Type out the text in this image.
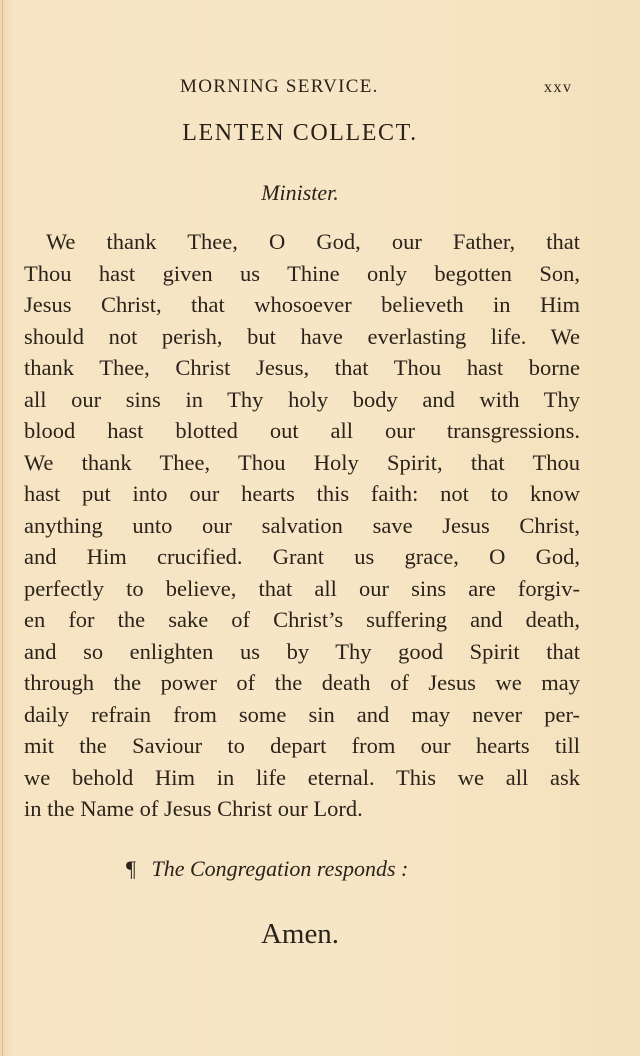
MORNING SERVICE.	xxv
LENTEN COLLECT.
Minister.
We thank Thee, O God, our Father, that
Thou hast given us Thine only begotten Son,
Jesus Christ, that whosoever believeth in Him
should not perish, but have everlasting life. We
thank Thee, Christ Jesus, that Thou hast borne
all our sins in Thy holy body and with Thy
blood hast blotted out all our transgressions.
We thank Thee, Thou Holy Spirit, that Thou
hast put into our hearts this faith: not to know
anything unto our salvation save Jesus Christ,
and Him crucified. Grant us grace, O God,
perfectly to believe, that all our sins are forgiv-
en for the sake of Christ’s suffering and death,
and so enlighten us by Thy good Spirit that
through the power of the death of Jesus we may
daily refrain from some sin and may never per-
mit the Saviour to depart from our hearts till
we behold Him in life eternal. This we all ask
in the Name of Jesus Christ our Lord.
¶ The Congregation responds :
Amen.
